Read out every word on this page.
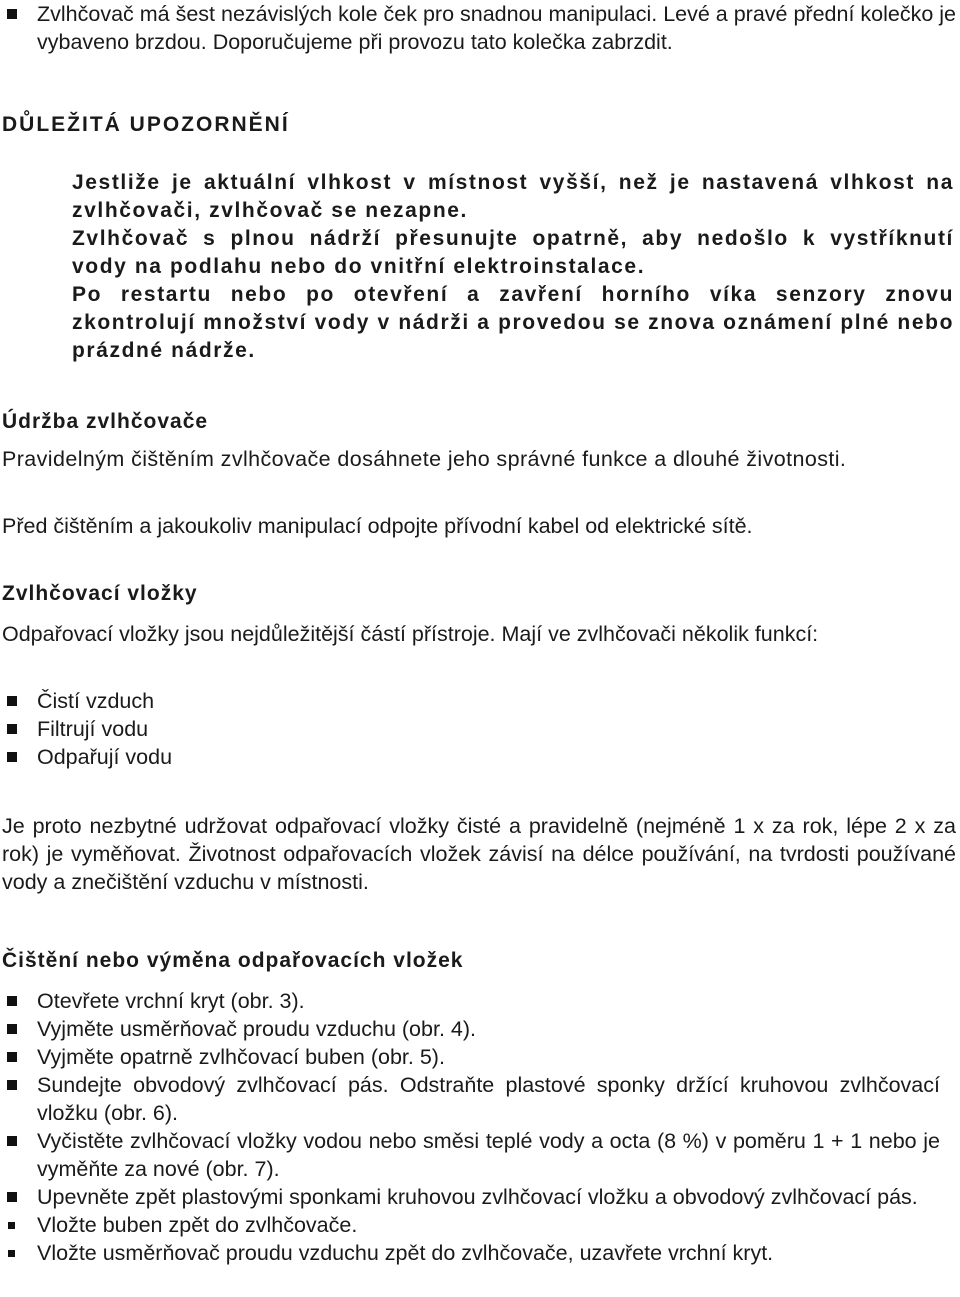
Zvlhčovač má šest nezávislých kole ček pro snadnou manipulaci. Levé a pravé přední kolečko je vybaveno brzdou. Doporučujeme při provozu tato kolečka zabrzdit.
DŮLEŽITÁ UPOZORNĚNÍ

Jestliže je aktuální vlhkost v místnost vyšší, než je nastavená vlhkost na zvlhčovači, zvlhčovač se nezapne.

Zvlhčovač s plnou nádrží přesunujte opatrně, aby nedošlo k vystříknutí vody na podlahu nebo do vnitřní elektroinstalace.

Po restartu nebo po otevření a zavření horního víka senzory znovu zkontrolují množství vody v nádrži a provedou se znova oznámení plné nebo prázdné nádrže.

Údržba zvlhčovače

Pravidelným čištěním zvlhčovače dosáhnete jeho správné funkce a dlouhé životnosti.

Před čištěním a jakoukoliv manipulací odpojte přívodní kabel od elektrické sítě.

Zvlhčovací vložky

Odpařovací vložky jsou nejdůležitější částí přístroje. Mají ve zvlhčovači několik funkcí:

Čistí vzduch
Filtrují vodu
Odpařují vodu

Je proto nezbytné udržovat odpařovací vložky čisté a pravidelně (nejméně 1 x za rok, lépe 2 x za rok) je vyměňovat. Životnost odpařovacích vložek závisí na délce používání, na tvrdosti používané vody a znečištění vzduchu v místnosti.

Čištění nebo výměna odpařovacích vložek
Otevřete vrchní kryt (obr. 3).
Vyjměte usměrňovač proudu vzduchu (obr. 4).
Vyjměte opatrně zvlhčovací buben (obr. 5).
Sundejte obvodový zvlhčovací pás. Odstraňte plastové sponky držící kruhovou zvlhčovací vložku (obr. 6).
Vyčistěte zvlhčovací vložky vodou nebo směsi teplé vody a octa (8 %) v poměru 1 + 1 nebo je vyměňte za nové (obr. 7).
Upevněte zpět plastovými sponkami kruhovou zvlhčovací vložku a obvodový zvlhčovací pás.
Vložte buben zpět do zvlhčovače.
Vložte usměrňovač proudu vzduchu zpět do zvlhčovače, uzavřete vrchní kryt.
